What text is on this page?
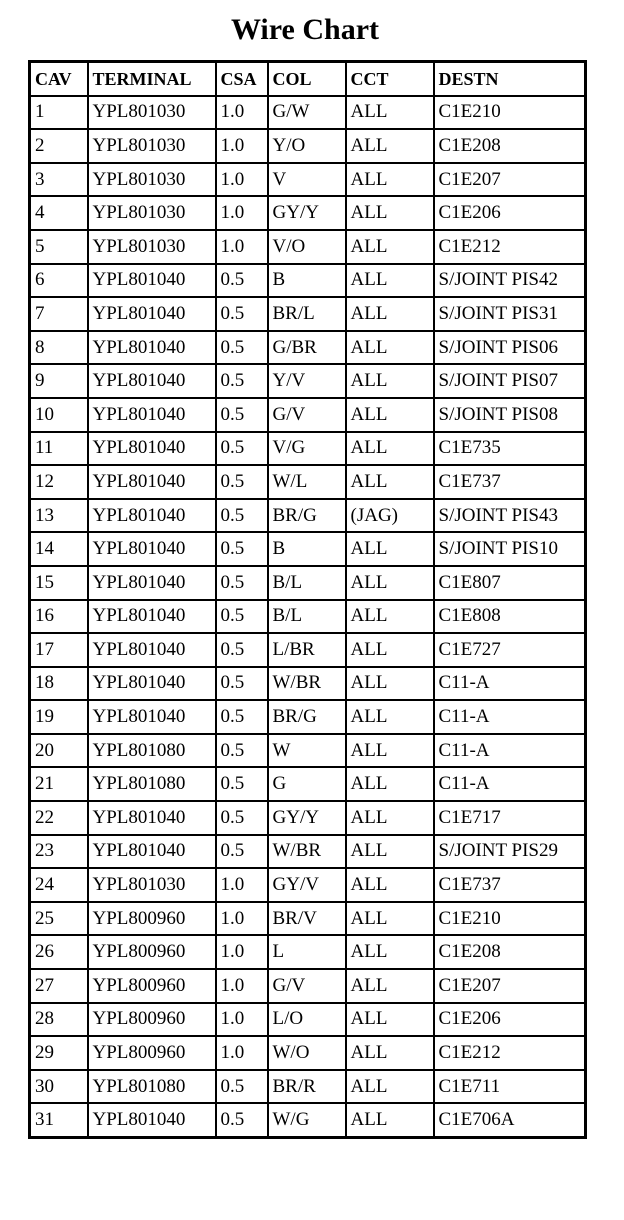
Wire Chart
CAV	TERMINAL	CSA	COL	CCT	DESTN
1	YPL801030	1.0	G/W	ALL	C1E210
2	YPL801030	1.0	Y/O	ALL	C1E208
3	YPL801030	1.0	V	ALL	C1E207
4	YPL801030	1.0	GY/Y	ALL	C1E206
5	YPL801030	1.0	V/O	ALL	C1E212
6	YPL801040	0.5	B	ALL	S/JOINT PIS42
7	YPL801040	0.5	BR/L	ALL	S/JOINT PIS31
8	YPL801040	0.5	G/BR	ALL	S/JOINT PIS06
9	YPL801040	0.5	Y/V	ALL	S/JOINT PIS07
10	YPL801040	0.5	G/V	ALL	S/JOINT PIS08
11	YPL801040	0.5	V/G	ALL	C1E735
12	YPL801040	0.5	W/L	ALL	C1E737
13	YPL801040	0.5	BR/G	(JAG)	S/JOINT PIS43
14	YPL801040	0.5	B	ALL	S/JOINT PIS10
15	YPL801040	0.5	B/L	ALL	C1E807
16	YPL801040	0.5	B/L	ALL	C1E808
17	YPL801040	0.5	L/BR	ALL	C1E727
18	YPL801040	0.5	W/BR	ALL	C11-A
19	YPL801040	0.5	BR/G	ALL	C11-A
20	YPL801080	0.5	W	ALL	C11-A
21	YPL801080	0.5	G	ALL	C11-A
22	YPL801040	0.5	GY/Y	ALL	C1E717
23	YPL801040	0.5	W/BR	ALL	S/JOINT PIS29
24	YPL801030	1.0	GY/V	ALL	C1E737
25	YPL800960	1.0	BR/V	ALL	C1E210
26	YPL800960	1.0	L	ALL	C1E208
27	YPL800960	1.0	G/V	ALL	C1E207
28	YPL800960	1.0	L/O	ALL	C1E206
29	YPL800960	1.0	W/O	ALL	C1E212
30	YPL801080	0.5	BR/R	ALL	C1E711
31	YPL801040	0.5	W/G	ALL	C1E706A
